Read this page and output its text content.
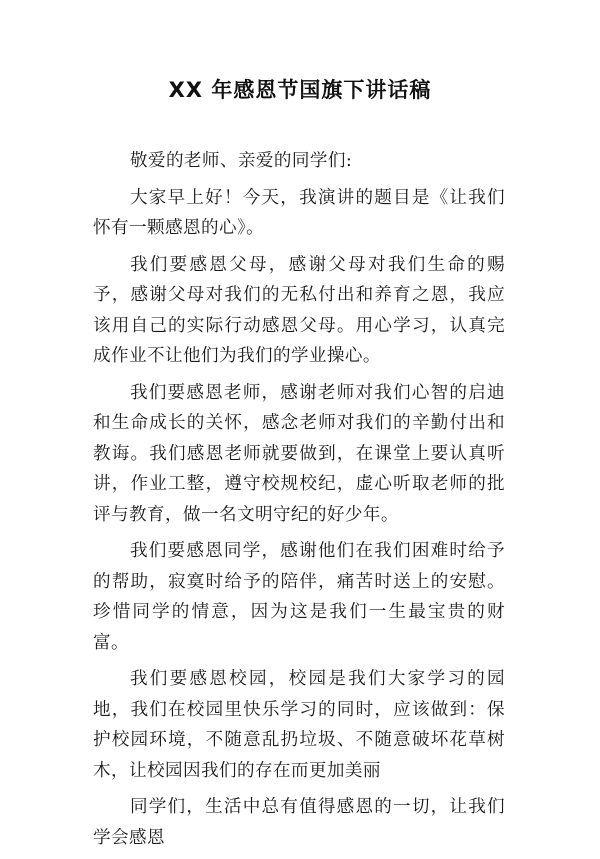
XX 年感恩节国旗下讲话稿

敬爱的老师、亲爱的同学们:

大家早上好！今天，我演讲的题目是《让我们怀有一颗感恩的心》。

我们要感恩父母，感谢父母对我们生命的赐予，感谢父母对我们的无私付出和养育之恩，我应该用自己的实际行动感恩父母。用心学习，认真完成作业不让他们为我们的学业操心。

我们要感恩老师，感谢老师对我们心智的启迪和生命成长的关怀，感念老师对我们的辛勤付出和教诲。我们感恩老师就要做到，在课堂上要认真听讲，作业工整，遵守校规校纪，虚心听取老师的批评与教育，做一名文明守纪的好少年。

我们要感恩同学，感谢他们在我们困难时给予的帮助，寂寞时给予的陪伴，痛苦时送上的安慰。珍惜同学的情意，因为这是我们一生最宝贵的财富。

我们要感恩校园，校园是我们大家学习的园地，我们在校园里快乐学习的同时，应该做到：保护校园环境，不随意乱扔垃圾、不随意破坏花草树木，让校园因我们的存在而更加美丽

同学们，生活中总有值得感恩的一切，让我们学会感恩
